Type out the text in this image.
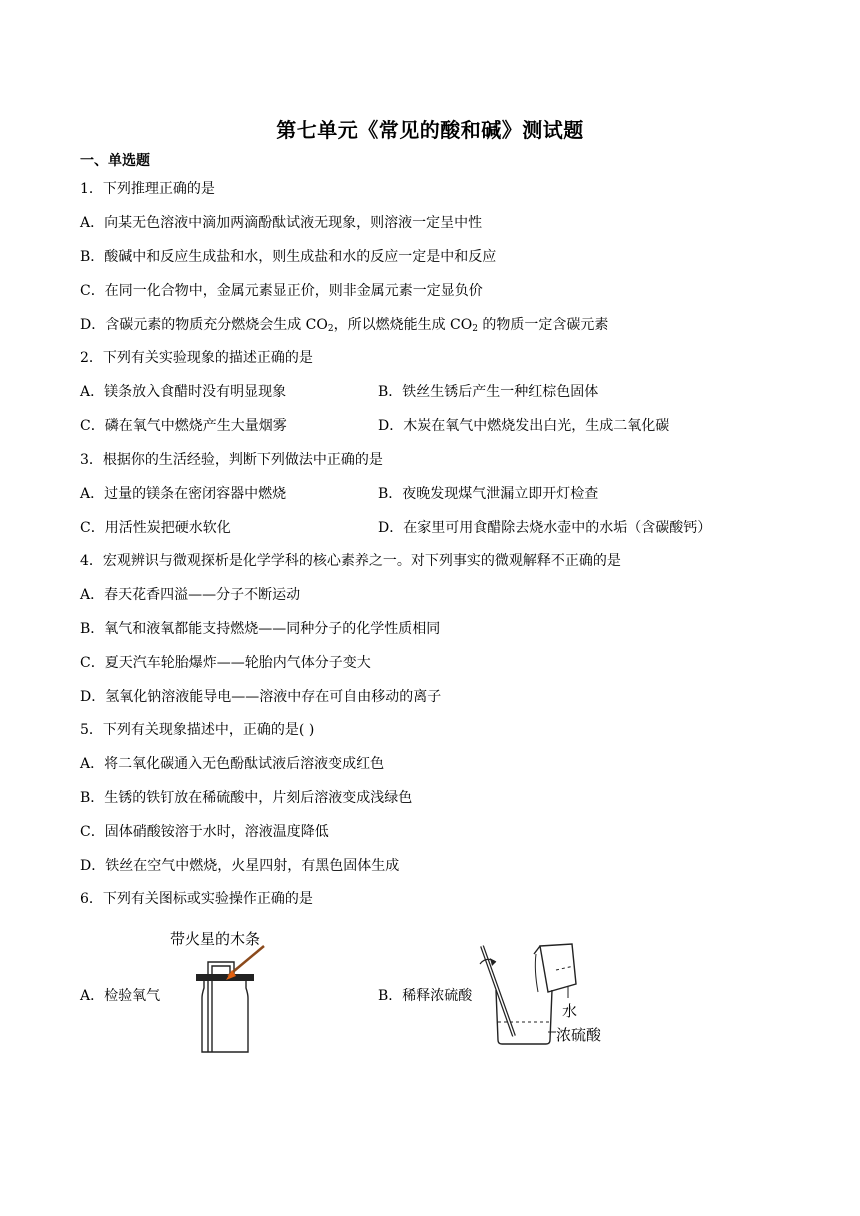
第七单元《常见的酸和碱》测试题
一、单选题
1．下列推理正确的是
A．向某无色溶液中滴加两滴酚酞试液无现象，则溶液一定呈中性
B．酸碱中和反应生成盐和水，则生成盐和水的反应一定是中和反应
C．在同一化合物中，金属元素显正价，则非金属元素一定显负价
D．含碳元素的物质充分燃烧会生成 $CO_2$，所以燃烧能生成 $CO_2$ 的物质一定含碳元素
2．下列有关实验现象的描述正确的是
A．镁条放入食醋时没有明显现象	B．铁丝生锈后产生一种红棕色固体
C．磷在氧气中燃烧产生大量烟雾	D．木炭在氧气中燃烧发出白光，生成二氧化碳
3．根据你的生活经验，判断下列做法中正确的是
A．过量的镁条在密闭容器中燃烧	B．夜晚发现煤气泄漏立即开灯检查
C．用活性炭把硬水软化	D．在家里可用食醋除去烧水壶中的水垢（含碳酸钙）
4．宏观辨识与微观探析是化学学科的核心素养之一。对下列事实的微观解释不正确的是
A．春天花香四溢——分子不断运动
B．氧气和液氧都能支持燃烧——同种分子的化学性质相同
C．夏天汽车轮胎爆炸——轮胎内气体分子变大
D．氢氧化钠溶液能导电——溶液中存在可自由移动的离子
5．下列有关现象描述中，正确的是( )
A．将二氧化碳通入无色酚酞试液后溶液变成红色
B．生锈的铁钉放在稀硫酸中，片刻后溶液变成浅绿色
C．固体硝酸铵溶于水时，溶液温度降低
D．铁丝在空气中燃烧，火星四射，有黑色固体生成
6．下列有关图标或实验操作正确的是
A．检验氧气	B．稀释浓硫酸
带火星的木条
水
浓硫酸
